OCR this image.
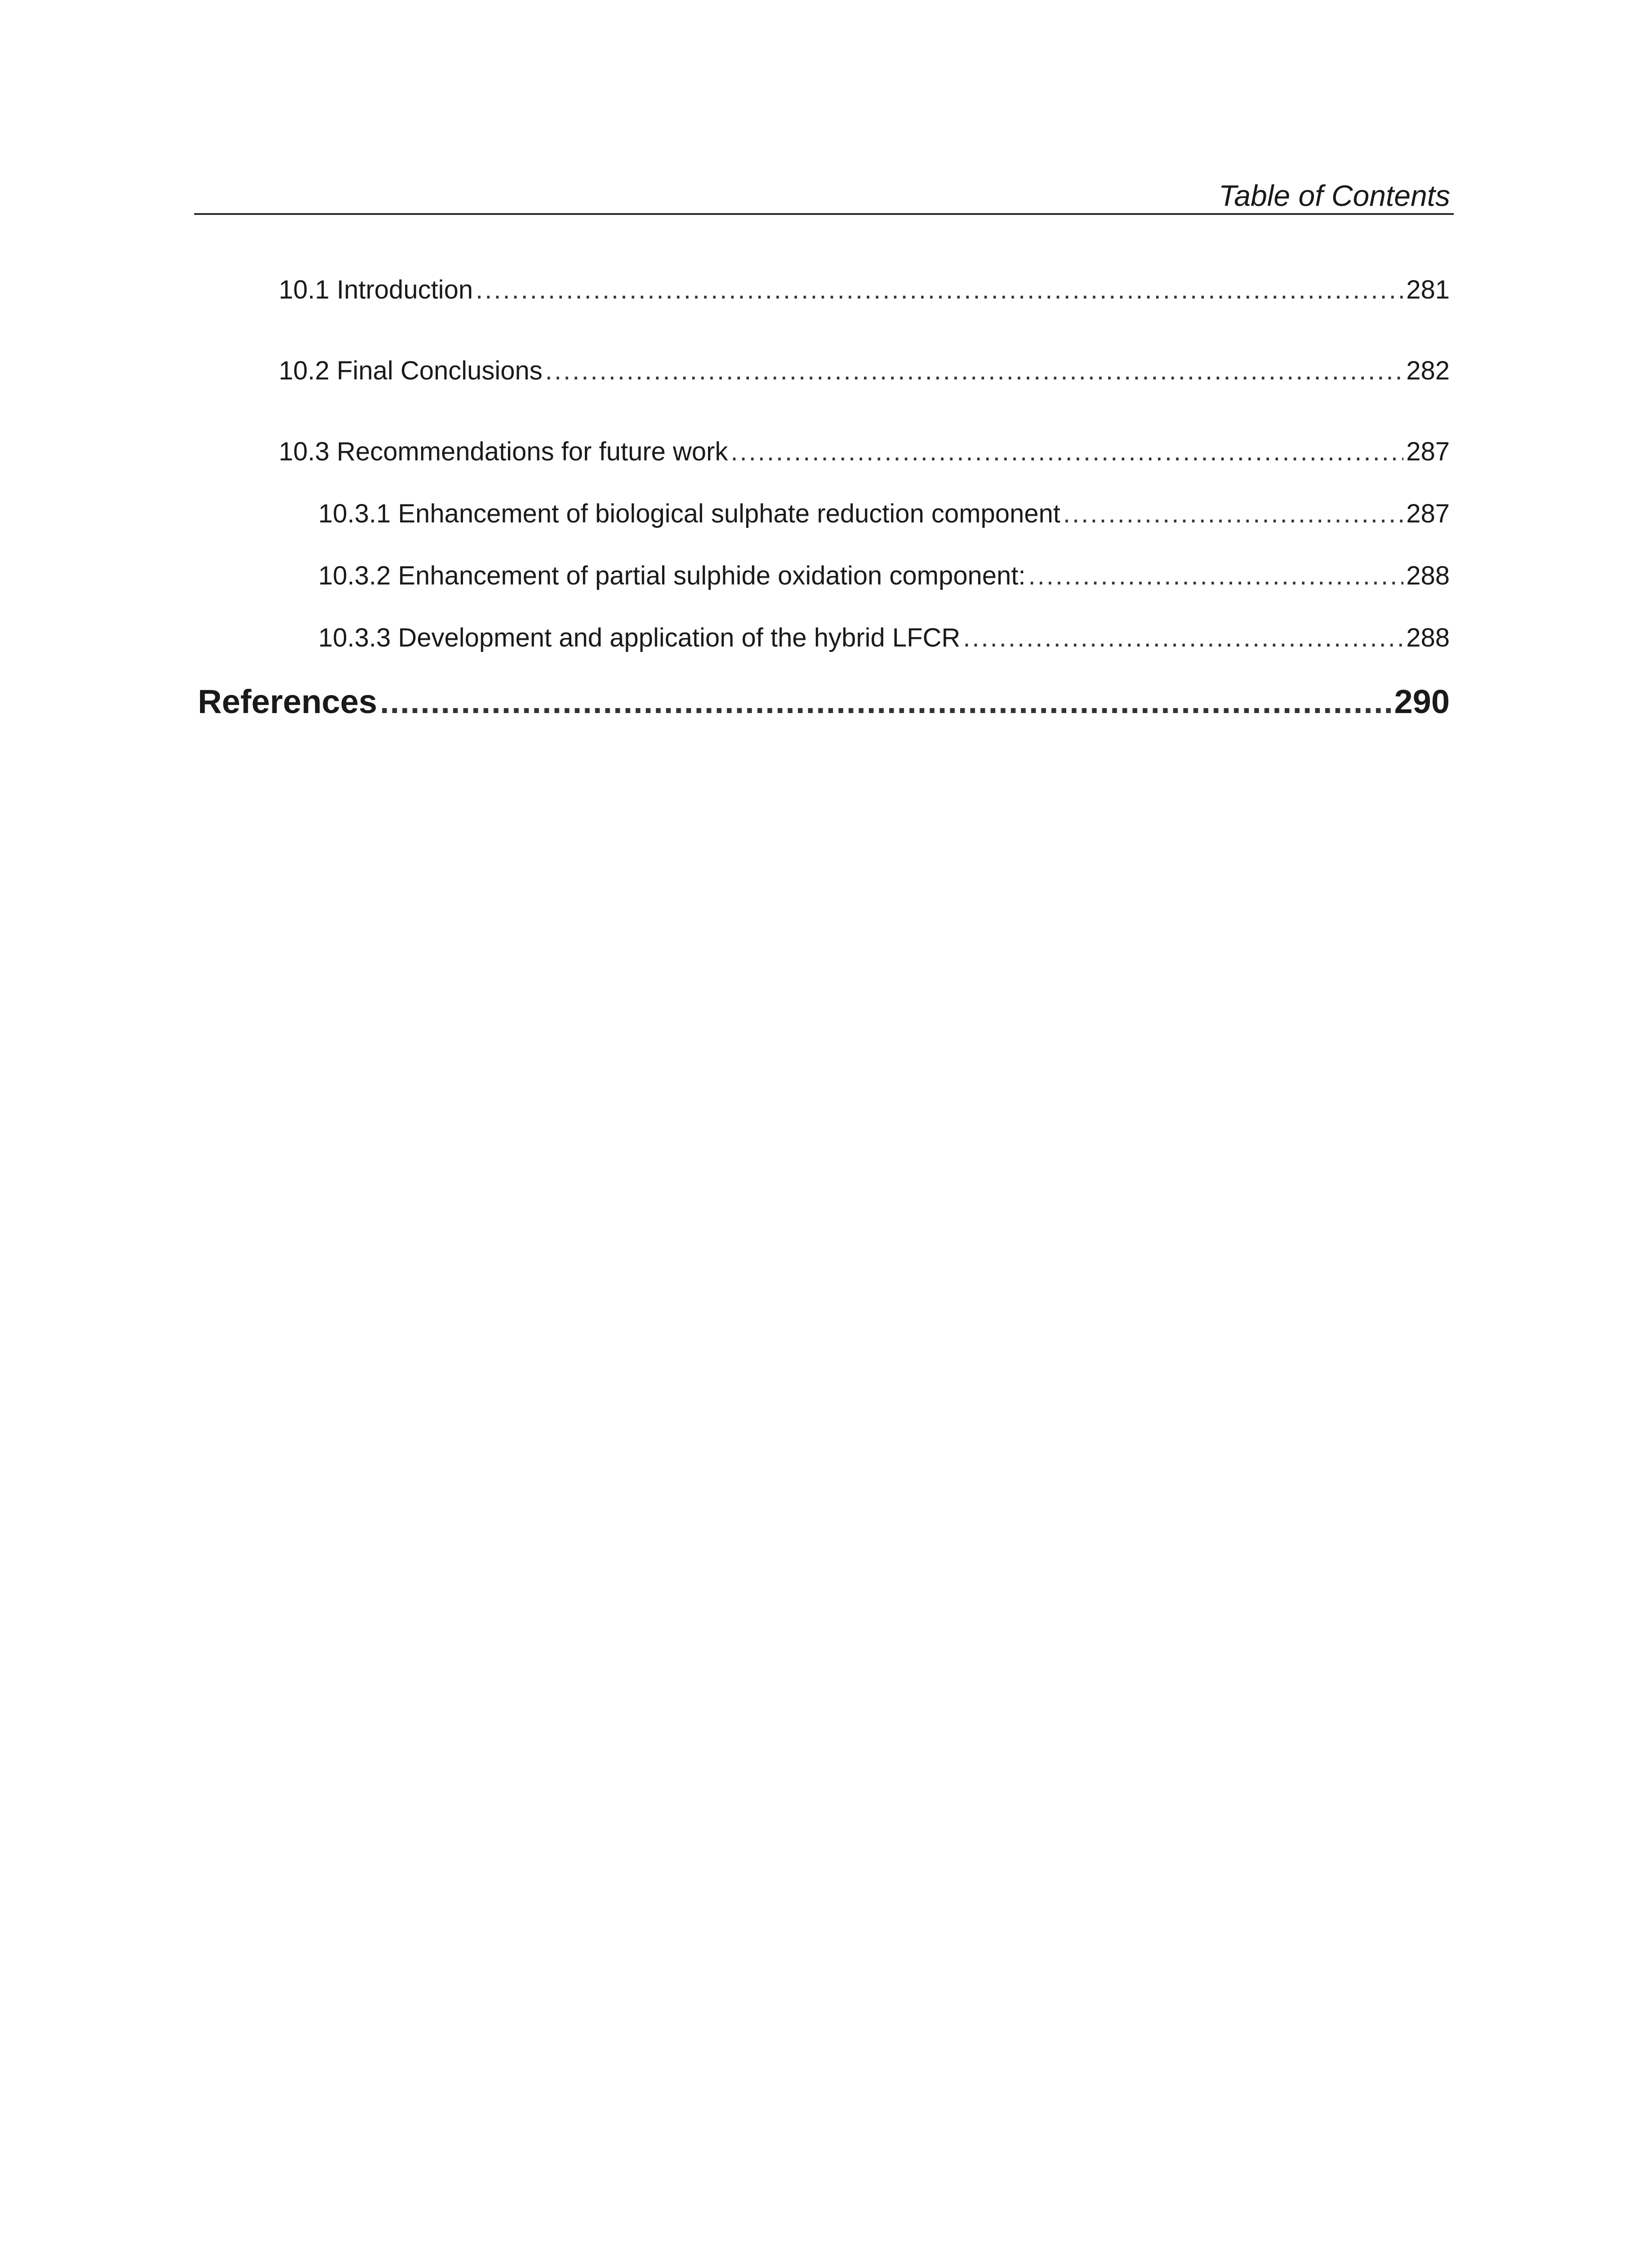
Table of Contents
10.1 Introduction .....	281
10.2 Final Conclusions .....	282
10.3 Recommendations for future work .....	287
10.3.1 Enhancement of biological sulphate reduction component .....	287
10.3.2 Enhancement of partial sulphide oxidation component: .....	288
10.3.3 Development and application of the hybrid LFCR .....	288
References .....	290
